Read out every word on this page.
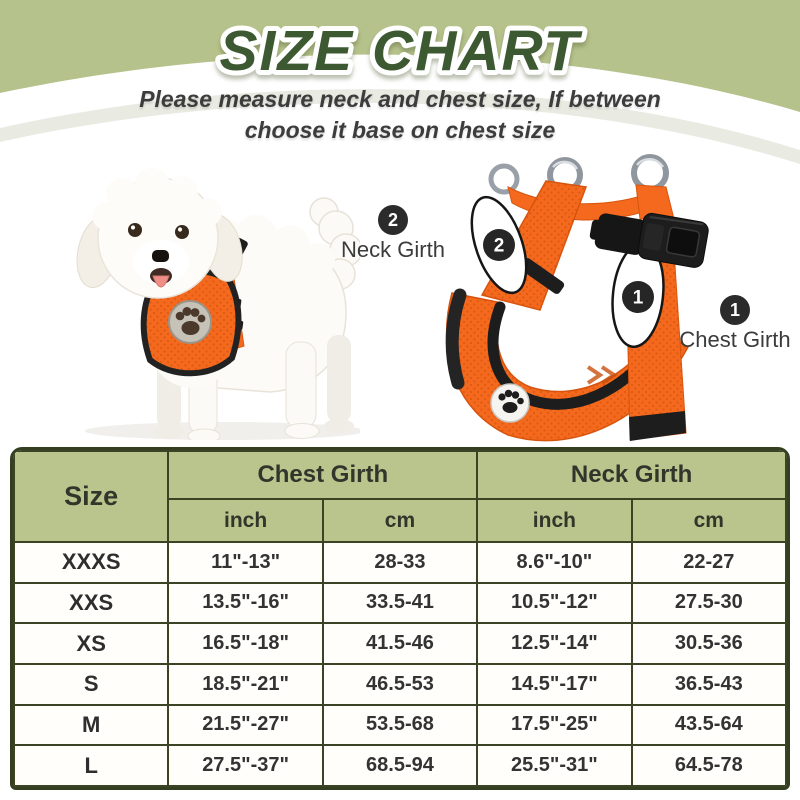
SIZE CHART
Please measure neck and chest size, If between
choose it base on chest size
2
1
2
Neck Girth
1
Chest Girth
Size	Chest Girth		Neck Girth	
	inch	cm	inch	cm
XXXS	11"-13"	28-33	8.6"-10"	22-27
XXS	13.5"-16"	33.5-41	10.5"-12"	27.5-30
XS	16.5"-18"	41.5-46	12.5"-14"	30.5-36
S	18.5"-21"	46.5-53	14.5"-17"	36.5-43
M	21.5"-27"	53.5-68	17.5"-25"	43.5-64
L	27.5"-37"	68.5-94	25.5"-31"	64.5-78
